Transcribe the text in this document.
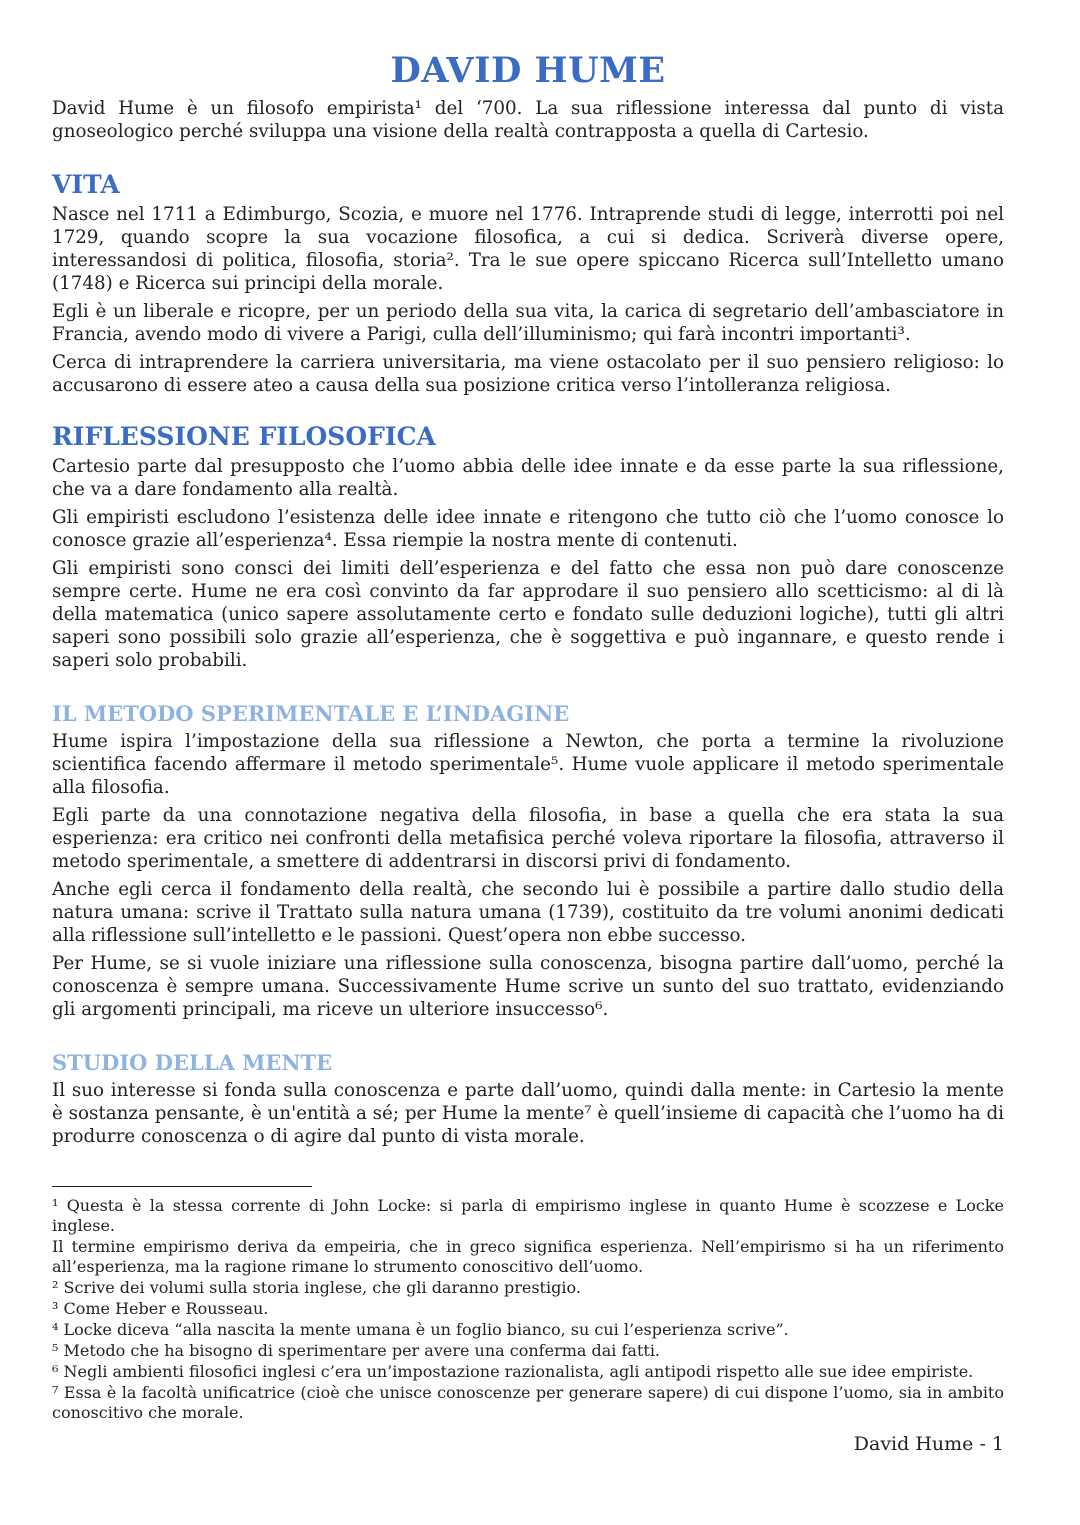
DAVID HUME

David Hume è un filosofo empirista¹ del ‘700. La sua riflessione interessa dal punto di vista gnoseologico perché sviluppa una visione della realtà contrapposta a quella di Cartesio.

VITA

Nasce nel 1711 a Edimburgo, Scozia, e muore nel 1776. Intraprende studi di legge, interrotti poi nel 1729, quando scopre la sua vocazione filosofica, a cui si dedica. Scriverà diverse opere, interessandosi di politica, filosofia, storia². Tra le sue opere spiccano Ricerca sull’Intelletto umano (1748) e Ricerca sui principi della morale.

Egli è un liberale e ricopre, per un periodo della sua vita, la carica di segretario dell’ambasciatore in Francia, avendo modo di vivere a Parigi, culla dell’illuminismo; qui farà incontri importanti³.

Cerca di intraprendere la carriera universitaria, ma viene ostacolato per il suo pensiero religioso: lo accusarono di essere ateo a causa della sua posizione critica verso l’intolleranza religiosa.

RIFLESSIONE FILOSOFICA

Cartesio parte dal presupposto che l’uomo abbia delle idee innate e da esse parte la sua riflessione, che va a dare fondamento alla realtà.

Gli empiristi escludono l’esistenza delle idee innate e ritengono che tutto ciò che l’uomo conosce lo conosce grazie all’esperienza⁴. Essa riempie la nostra mente di contenuti.

Gli empiristi sono consci dei limiti dell’esperienza e del fatto che essa non può dare conoscenze sempre certe. Hume ne era così convinto da far approdare il suo pensiero allo scetticismo: al di là della matematica (unico sapere assolutamente certo e fondato sulle deduzioni logiche), tutti gli altri saperi sono possibili solo grazie all’esperienza, che è soggettiva e può ingannare, e questo rende i saperi solo probabili.

IL METODO SPERIMENTALE E L’INDAGINE

Hume ispira l’impostazione della sua riflessione a Newton, che porta a termine la rivoluzione scientifica facendo affermare il metodo sperimentale⁵. Hume vuole applicare il metodo sperimentale alla filosofia.

Egli parte da una connotazione negativa della filosofia, in base a quella che era stata la sua esperienza: era critico nei confronti della metafisica perché voleva riportare la filosofia, attraverso il metodo sperimentale, a smettere di addentrarsi in discorsi privi di fondamento.

Anche egli cerca il fondamento della realtà, che secondo lui è possibile a partire dallo studio della natura umana: scrive il Trattato sulla natura umana (1739), costituito da tre volumi anonimi dedicati alla riflessione sull’intelletto e le passioni. Quest’opera non ebbe successo.

Per Hume, se si vuole iniziare una riflessione sulla conoscenza, bisogna partire dall’uomo, perché la conoscenza è sempre umana. Successivamente Hume scrive un sunto del suo trattato, evidenziando gli argomenti principali, ma riceve un ulteriore insuccesso⁶.

STUDIO DELLA MENTE

Il suo interesse si fonda sulla conoscenza e parte dall’uomo, quindi dalla mente: in Cartesio la mente è sostanza pensante, è un'entità a sé; per Hume la mente⁷ è quell’insieme di capacità che l’uomo ha di produrre conoscenza o di agire dal punto di vista morale.

¹ Questa è la stessa corrente di John Locke: si parla di empirismo inglese in quanto Hume è scozzese e Locke inglese.

Il termine empirismo deriva da empeiria, che in greco significa esperienza. Nell’empirismo si ha un riferimento all’esperienza, ma la ragione rimane lo strumento conoscitivo dell’uomo.

² Scrive dei volumi sulla storia inglese, che gli daranno prestigio.

³ Come Heber e Rousseau.

⁴ Locke diceva “alla nascita la mente umana è un foglio bianco, su cui l’esperienza scrive”.

⁵ Metodo che ha bisogno di sperimentare per avere una conferma dai fatti.

⁶ Negli ambienti filosofici inglesi c’era un’impostazione razionalista, agli antipodi rispetto alle sue idee empiriste.

⁷ Essa è la facoltà unificatrice (cioè che unisce conoscenze per generare sapere) di cui dispone l’uomo, sia in ambito conoscitivo che morale.

David Hume - 1
